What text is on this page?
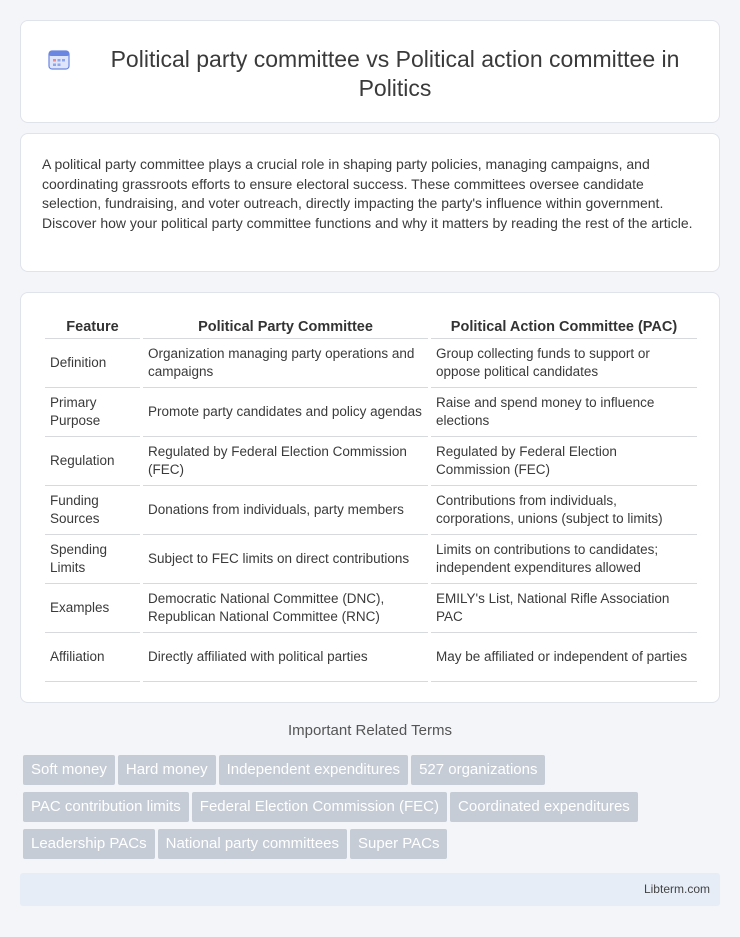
Political party committee vs Political action committee in Politics

A political party committee plays a crucial role in shaping party policies, managing campaigns, and coordinating grassroots efforts to ensure electoral success. These committees oversee candidate selection, fundraising, and voter outreach, directly impacting the party's influence within government. Discover how your political party committee functions and why it matters by reading the rest of the article.

Feature	Political Party Committee	Political Action Committee (PAC)
Definition	Organization managing party operations and campaigns	Group collecting funds to support or oppose political candidates
Primary Purpose	Promote party candidates and policy agendas	Raise and spend money to influence elections
Regulation	Regulated by Federal Election Commission (FEC)	Regulated by Federal Election Commission (FEC)
Funding Sources	Donations from individuals, party members	Contributions from individuals, corporations, unions (subject to limits)
Spending Limits	Subject to FEC limits on direct contributions	Limits on contributions to candidates; independent expenditures allowed
Examples	Democratic National Committee (DNC), Republican National Committee (RNC)	EMILY's List, National Rifle Association PAC
Affiliation	Directly affiliated with political parties	May be affiliated or independent of parties
Important Related Terms
Soft money Hard money Independent expenditures 527 organizations
PAC contribution limits Federal Election Commission (FEC) Coordinated expenditures
Leadership PACs National party committees Super PACs
Libterm.com
